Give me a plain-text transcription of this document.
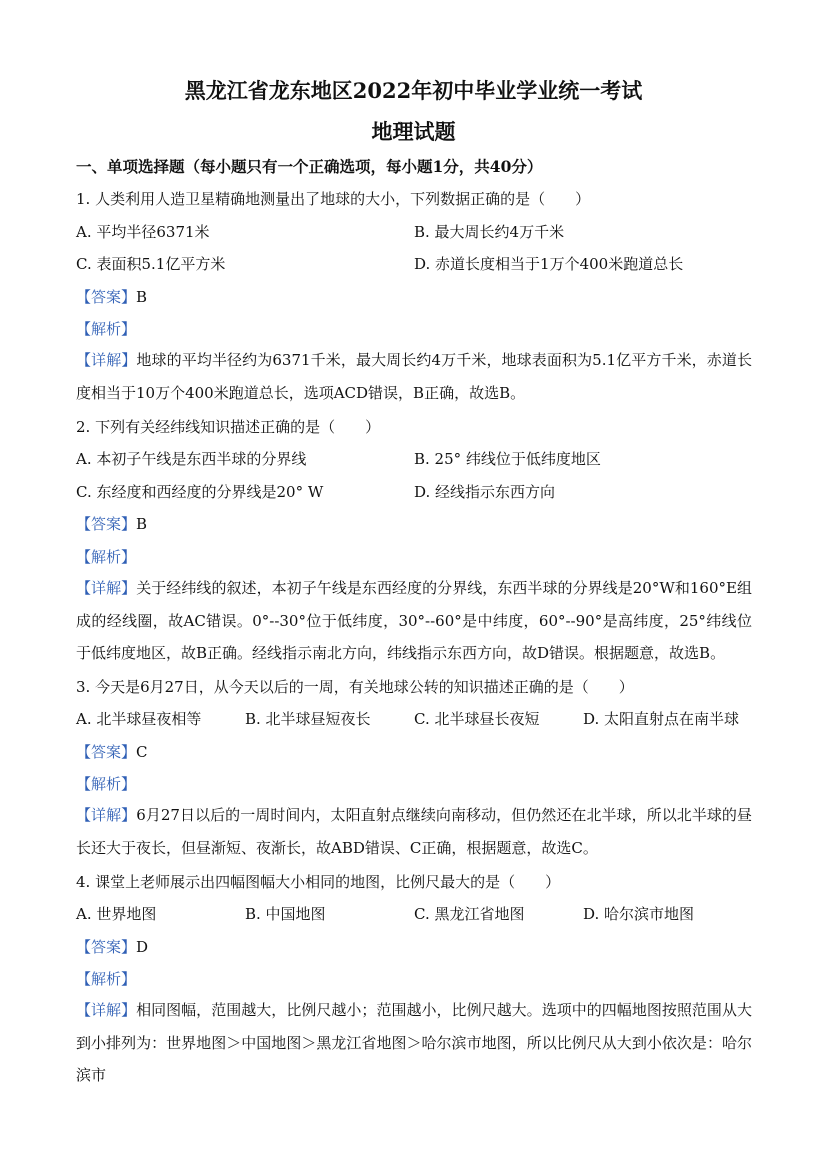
黑龙江省龙东地区2022年初中毕业学业统一考试
地理试题
一、单项选择题（每小题只有一个正确选项，每小题1分，共40分）
1. 人类利用人造卫星精确地测量出了地球的大小，下列数据正确的是（　　）
A. 平均半径6371米	B. 最大周长约4万千米
C. 表面积5.1亿平方米	D. 赤道长度相当于1万个400米跑道总长
【答案】B
【解析】
【详解】地球的平均半径约为6371千米，最大周长约4万千米，地球表面积为5.1亿平方千米，赤道长度相当于10万个400米跑道总长，选项ACD错误，B正确，故选B。
2. 下列有关经纬线知识描述正确的是（　　）
A. 本初子午线是东西半球的分界线	B. 25° 纬线位于低纬度地区
C. 东经度和西经度的分界线是20° W	D. 经线指示东西方向
【答案】B
【解析】
【详解】关于经纬线的叙述，本初子午线是东西经度的分界线，东西半球的分界线是20°W和160°E组成的经线圈，故AC错误。0°--30°位于低纬度，30°--60°是中纬度，60°--90°是高纬度，25°纬线位于低纬度地区，故B正确。经线指示南北方向，纬线指示东西方向，故D错误。根据题意，故选B。
3. 今天是6月27日，从今天以后的一周，有关地球公转的知识描述正确的是（　　）
A. 北半球昼夜相等	B. 北半球昼短夜长	C. 北半球昼长夜短	D. 太阳直射点在南半球
【答案】C
【解析】
【详解】6月27日以后的一周时间内，太阳直射点继续向南移动，但仍然还在北半球，所以北半球的昼长还大于夜长，但昼渐短、夜渐长，故ABD错误、C正确，根据题意，故选C。
4. 课堂上老师展示出四幅图幅大小相同的地图，比例尺最大的是（　　）
A. 世界地图	B. 中国地图	C. 黑龙江省地图	D. 哈尔滨市地图
【答案】D
【解析】
【详解】相同图幅，范围越大，比例尺越小；范围越小，比例尺越大。选项中的四幅地图按照范围从大到小排列为：世界地图＞中国地图＞黑龙江省地图＞哈尔滨市地图，所以比例尺从大到小依次是：哈尔滨市
